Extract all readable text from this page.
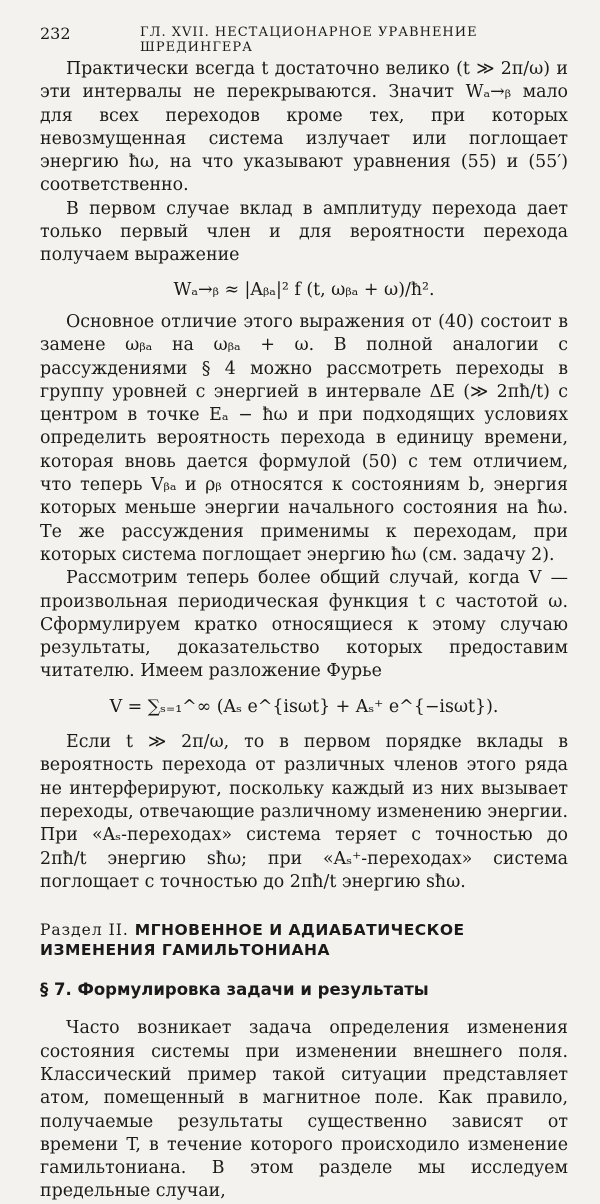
232	ГЛ. XVII. НЕСТАЦИОНАРНОЕ УРАВНЕНИЕ ШРЕДИНГЕРА

Практически всегда t достаточно велико (t ≫ 2π/ω) и эти интервалы не перекрываются. Значит Wₐ→ᵦ мало для всех переходов кроме тех, при которых невозмущенная система излучает или поглощает энергию ħω, на что указывают уравнения (55) и (55′) соответственно.

В первом случае вклад в амплитуду перехода дает только первый член и для вероятности перехода получаем выражение

Wₐ→ᵦ ≈ |Aᵦₐ|² f (t, ωᵦₐ + ω)/ħ².

Основное отличие этого выражения от (40) состоит в замене ωᵦₐ на ωᵦₐ + ω. В полной аналогии с рассуждениями § 4 можно рассмотреть переходы в группу уровней с энергией в интервале ΔE (≫ 2πħ/t) с центром в точке Eₐ − ħω и при подходящих условиях определить вероятность перехода в единицу времени, которая вновь дается формулой (50) с тем отличием, что теперь Vᵦₐ и ρᵦ относятся к состояниям b, энергия которых меньше энергии начального состояния на ħω. Те же рассуждения применимы к переходам, при которых система поглощает энергию ħω (см. задачу 2).

Рассмотрим теперь более общий случай, когда V — произвольная периодическая функция t с частотой ω. Сформулируем кратко относящиеся к этому случаю результаты, доказательство которых предоставим читателю. Имеем разложение Фурье

V = ∑ₛ₌₁^∞ (Aₛ e^{isωt} + Aₛ⁺ e^{−isωt}).

Если t ≫ 2π/ω, то в первом порядке вклады в вероятность перехода от различных членов этого ряда не интерферируют, поскольку каждый из них вызывает переходы, отвечающие различному изменению энергии. При «Aₛ-переходах» система теряет с точностью до 2πħ/t энергию sħω; при «Aₛ⁺-переходах» система поглощает с точностью до 2πħ/t энергию sħω.

Раздел II. МГНОВЕННОЕ И АДИАБАТИЧЕСКОЕ ИЗМЕНЕНИЯ ГАМИЛЬТОНИАНА
§ 7. Формулировка задачи и результаты

Часто возникает задача определения изменения состояния системы при изменении внешнего поля. Классический пример такой ситуации представляет атом, помещенный в магнитное поле. Как правило, получаемые результаты существенно зависят от времени T, в течение которого происходило изменение гамильтониана. В этом разделе мы исследуем предельные случаи,
